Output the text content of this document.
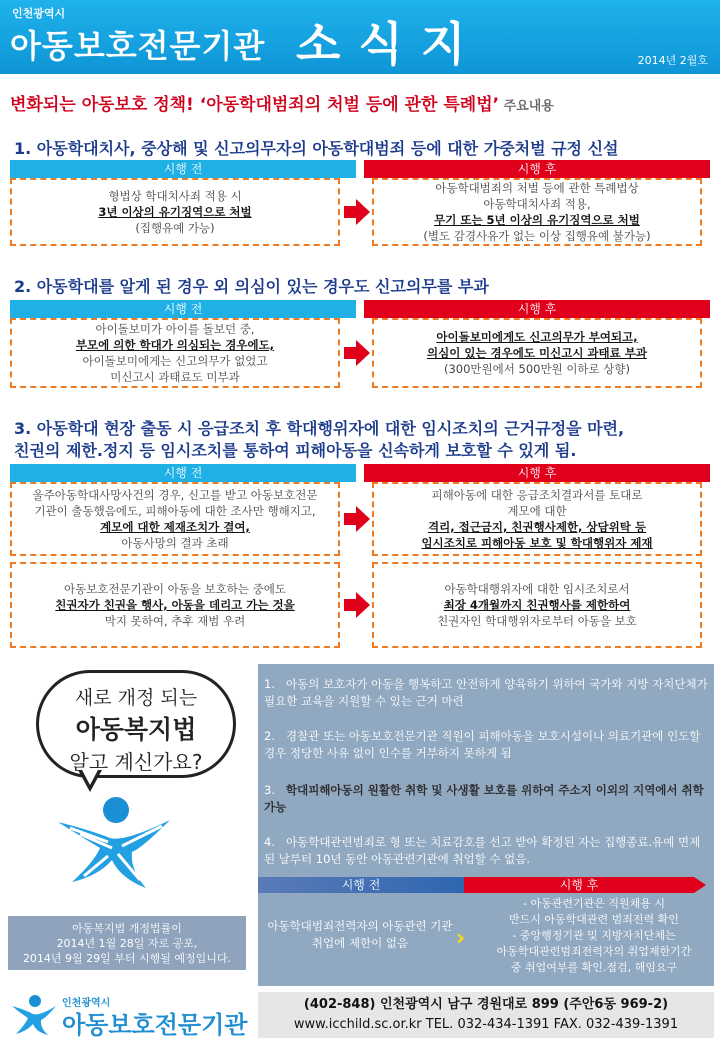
인천광역시
아동보호전문기관 소식지	2014년 2월호
변화되는 아동보호 정책! ‘아동학대범죄의 처벌 등에 관한 특례법’ 주요내용
1. 아동학대치사, 중상해 및 신고의무자의 아동학대범죄 등에 대한 가중처벌 규정 신설
시행 전	시행 후
형법상 학대치사죄 적용 시
3년 이상의 유기징역으로 처벌
(집행유예 가능)
아동학대범죄의 처벌 등에 관한 특례법상
아동학대치사죄 적용,
무기 또는 5년 이상의 유기징역으로 처벌
(별도 감경사유가 없는 이상 집행유예 불가능)
2. 아동학대를 알게 된 경우 외 의심이 있는 경우도 신고의무를 부과
시행 전	시행 후
아이돌보미가 아이를 돌보던 중,
부모에 의한 학대가 의심되는 경우에도,
아이돌보미에게는 신고의무가 없었고
미신고시 과태료도 미부과
아이돌보미에게도 신고의무가 부여되고,
의심이 있는 경우에도 미신고시 과태료 부과
(300만원에서 500만원 이하로 상향)
3. 아동학대 현장 출동 시 응급조치 후 학대행위자에 대한 임시조치의 근거규정을 마련,
친권의 제한.정지 등 임시조치를 통하여 피해아동을 신속하게 보호할 수 있게 됨.
시행 전	시행 후
울주아동학대사망사건의 경우, 신고를 받고 아동보호전문
기관이 출동했음에도, 피해아동에 대한 조사만 행해지고,
계모에 대한 제재조치가 결여,
아동사망의 결과 초래
피해아동에 대한 응급조치결과서를 토대로
계모에 대한
격리, 접근금지, 친권행사제한, 상담위탁 등
임시조치로 피해아동 보호 및 학대행위자 제재
아동보호전문기관이 아동을 보호하는 중에도
친권자가 친권을 행사, 아동을 데리고 가는 것을
막지 못하여, 추후 재범 우려
아동학대행위자에 대한 임시조치로서
최장 4개월까지 친권행사를 제한하여
친권자인 학대행위자로부터 아동을 보호
새로 개정 되는
아동복지법
알고 계신가요?
아동복지법 개정법률이
2014년 1월 28일 자로 공포,
2014년 9월 29일 부터 시행될 예정입니다.
1. 아동의 보호자가 아동을 행복하고 안전하게 양육하기 위하여 국가와 지방 자치단체가 필요한 교육을 지원할 수 있는 근거 마련
2. 경찰관 또는 아동보호전문기관 직원이 피해아동을 보호시설이나 의료기관에 인도할 경우 정당한 사유 없이 인수를 거부하지 못하게 됨
3. 학대피해아동의 원활한 취학 및 사생활 보호를 위하여 주소지 이외의 지역에서 취학 가능
4. 아동학대관련범죄로 형 또는 치료감호를 선고 받아 확정된 자는 집행종료.유예 면제된 날부터 10년 동안 아동관련기관에 취업할 수 없음.
시행 전	시행 후
아동학대범죄전력자의 아동관련 기관 취업에 제한이 없음	›
- 아동관련기관은 직원채용 시
반드시 아동학대관련 범죄전력 확인
- 중앙행정기관 및 지방자치단체는
아동학대관련범죄전력자의 취업제한기간
중 취업여부를 확인.점검, 해임요구
인천광역시
아동보호전문기관
(402-848) 인천광역시 남구 경원대로 899 (주안6동 969-2)
www.icchild.sc.or.kr TEL. 032-434-1391 FAX. 032-439-1391
